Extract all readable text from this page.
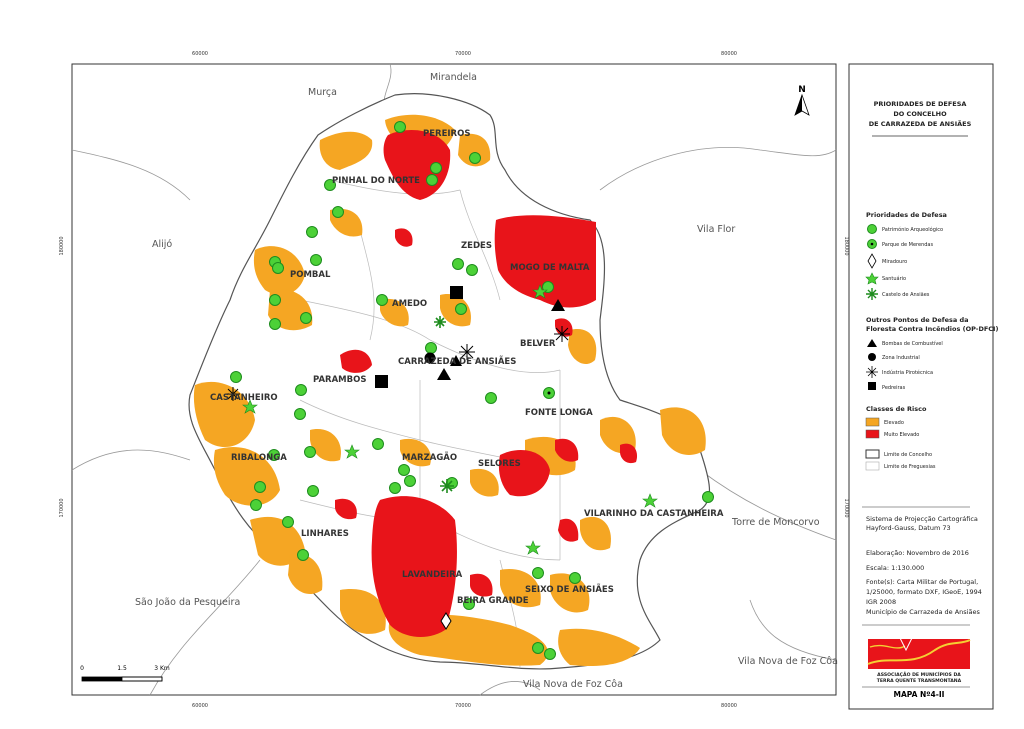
60000	70000	80000
60000	70000	80000
180000
170000
180000
170000
Murça
Mirandela
Alijó
Vila Flor
Torre de Moncorvo
São João da Pesqueira
Vila Nova de Foz Côa
Vila Nova de Foz Côa
PEREIROS
PINHAL DO NORTE
ZEDES
MOGO DE MALTA
POMBAL
AMEDO
BELVER
CARRAZEDA DE ANSIÃES
PARAMBOS
CASTANHEIRO
FONTE LONGA
RIBALONGA	MARZAGÃO
SELORES
VILARINHO DA CASTANHEIRA
LINHARES
LAVANDEIRA
SEIXO DE ANSIÃES
BEIRA GRANDE
N
0	1.5	3 Km
PRIORIDADES DE DEFESA
DO CONCELHO
DE CARRAZEDA DE ANSIÃES
Prioridades de Defesa
Património Arqueológico
Parque de Merendas
Miradouro
Santuário
Castelo de Ansiães
Outros Pontos de Defesa da
Floresta Contra Incêndios (OP-DFCI)
Bombas de Combustível
Zona Industrial
Indústria Pirotécnica
Pedreiras
Classes de Risco
Elevado
Muito Elevado
Limite de Concelho
Limite de Freguesias
Sistema de Projecção Cartográfica
Hayford-Gauss, Datum 73
Elaboração: Novembro de 2016
Escala: 1:130.000
Fonte(s): Carta Militar de Portugal,
1/25000, formato DXF, IGeoE, 1994
IGR 2008
Município de Carrazeda de Ansiães
ASSOCIAÇÃO DE MUNICÍPIOS DA
TERRA QUENTE TRANSMONTANA
MAPA Nº4-II
